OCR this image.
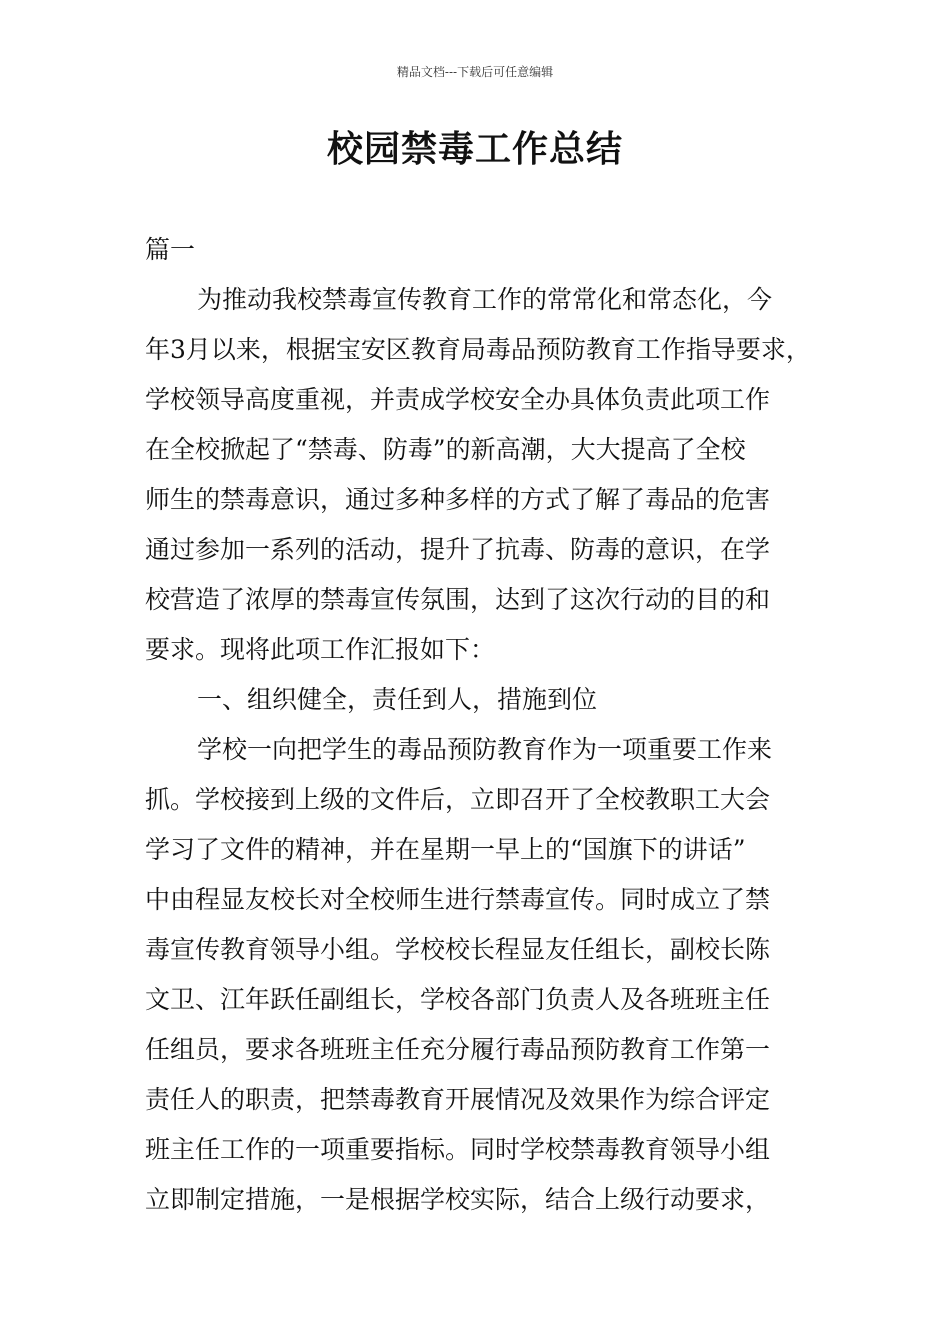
精品文档---下载后可任意编辑
校园禁毒工作总结
篇一
为推动我校禁毒宣传教育工作的常常化和常态化，今
年3月以来，根据宝安区教育局毒品预防教育工作指导要求，
学校领导高度重视，并责成学校安全办具体负责此项工作
在全校掀起了“禁毒、防毒”的新高潮，大大提高了全校
师生的禁毒意识，通过多种多样的方式了解了毒品的危害
通过参加一系列的活动，提升了抗毒、防毒的意识，在学
校营造了浓厚的禁毒宣传氛围，达到了这次行动的目的和
要求。现将此项工作汇报如下：
一、组织健全，责任到人，措施到位
学校一向把学生的毒品预防教育作为一项重要工作来
抓。学校接到上级的文件后，立即召开了全校教职工大会
学习了文件的精神，并在星期一早上的“国旗下的讲话”
中由程显友校长对全校师生进行禁毒宣传。同时成立了禁
毒宣传教育领导小组。学校校长程显友任组长，副校长陈
文卫、江年跃任副组长，学校各部门负责人及各班班主任
任组员，要求各班班主任充分履行毒品预防教育工作第一
责任人的职责，把禁毒教育开展情况及效果作为综合评定
班主任工作的一项重要指标。同时学校禁毒教育领导小组
立即制定措施，一是根据学校实际，结合上级行动要求，
